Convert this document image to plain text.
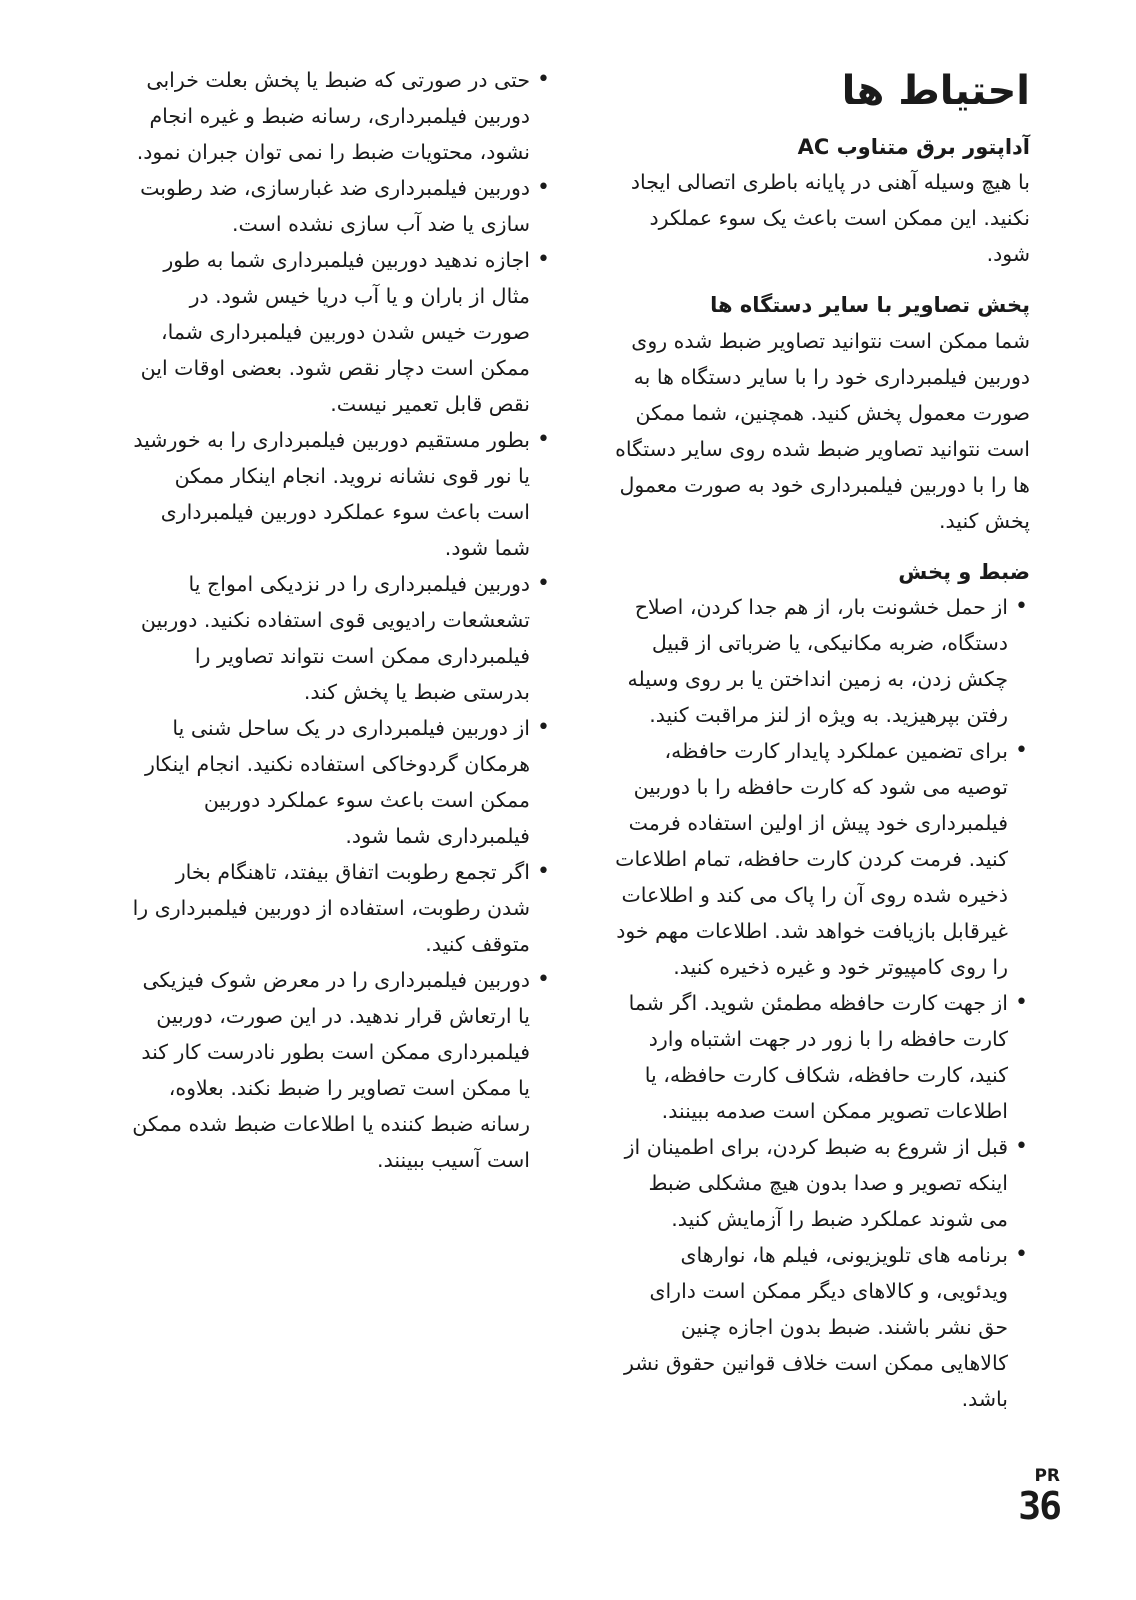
احتیاط ها
آداپتور برق متناوب AC

با هیچ وسیله آهنی در پایانه باطری اتصالی ایجاد نکنید. این ممکن است باعث یک سوء عملکرد شود.

پخش تصاویر با سایر دستگاه ها

شما ممکن است نتوانید تصاویر ضبط شده روی دوربین فیلمبرداری خود را با سایر دستگاه ها به صورت معمول پخش کنید. همچنین، شما ممکن است نتوانید تصاویر ضبط شده روی سایر دستگاه ها را با دوربین فیلمبرداری خود به صورت معمول پخش کنید.

ضبط و پخش
• از حمل خشونت بار، از هم جدا کردن، اصلاح دستگاه، ضربه مکانیکی، یا ضرباتی از قبیل چکش زدن، به زمین انداختن یا بر روی وسیله رفتن بپرهیزید. به ویژه از لنز مراقبت کنید.
• برای تضمین عملکرد پایدار کارت حافظه، توصیه می شود که کارت حافظه را با دوربین فیلمبرداری خود پیش از اولین استفاده فرمت کنید. فرمت کردن کارت حافظه، تمام اطلاعات ذخیره شده روی آن را پاک می کند و اطلاعات غیرقابل بازیافت خواهد شد. اطلاعات مهم خود را روی کامپیوتر خود و غیره ذخیره کنید.
• از جهت کارت حافظه مطمئن شوید. اگر شما کارت حافظه را با زور در جهت اشتباه وارد کنید، کارت حافظه، شکاف کارت حافظه، یا اطلاعات تصویر ممکن است صدمه ببینند.
• قبل از شروع به ضبط کردن، برای اطمینان از اینکه تصویر و صدا بدون هیچ مشکلی ضبط می شوند عملکرد ضبط را آزمایش کنید.
• برنامه های تلویزیونی، فیلم ها، نوارهای ویدئویی، و کالاهای دیگر ممکن است دارای حق نشر باشند. ضبط بدون اجازه چنین کالاهایی ممکن است خلاف قوانین حقوق نشر باشد.
• حتی در صورتی که ضبط یا پخش بعلت خرابی دوربین فیلمبرداری، رسانه ضبط و غیره انجام نشود، محتویات ضبط را نمی توان جبران نمود.
• دوربین فیلمبرداری ضد غبارسازی، ضد رطوبت سازی یا ضد آب سازی نشده است.
• اجازه ندهید دوربین فیلمبرداری شما به طور مثال از باران و یا آب دریا خیس شود. در صورت خیس شدن دوربین فیلمبرداری شما، ممکن است دچار نقص شود. بعضی اوقات این نقص قابل تعمیر نیست.
• بطور مستقیم دوربین فیلمبرداری را به خورشید یا نور قوی نشانه نروید. انجام اینکار ممکن است باعث سوء عملکرد دوربین فیلمبرداری شما شود.
• دوربین فیلمبرداری را در نزدیکی امواج یا تشعشعات رادیویی قوی استفاده نکنید. دوربین فیلمبرداری ممکن است نتواند تصاویر را بدرستی ضبط یا پخش کند.
• از دوربین فیلمبرداری در یک ساحل شنی یا هرمکان گردوخاکی استفاده نکنید. انجام اینکار ممکن است باعث سوء عملکرد دوربین فیلمبرداری شما شود.
• اگر تجمع رطوبت اتفاق بیفتد، تاهنگام بخار شدن رطوبت، استفاده از دوربین فیلمبرداری را متوقف کنید.
• دوربین فیلمبرداری را در معرض شوک فیزیکی یا ارتعاش قرار ندهید. در این صورت، دوربین فیلمبرداری ممکن است بطور نادرست کار کند یا ممکن است تصاویر را ضبط نکند. بعلاوه، رسانه ضبط کننده یا اطلاعات ضبط شده ممکن است آسیب ببینند.
PR
36
